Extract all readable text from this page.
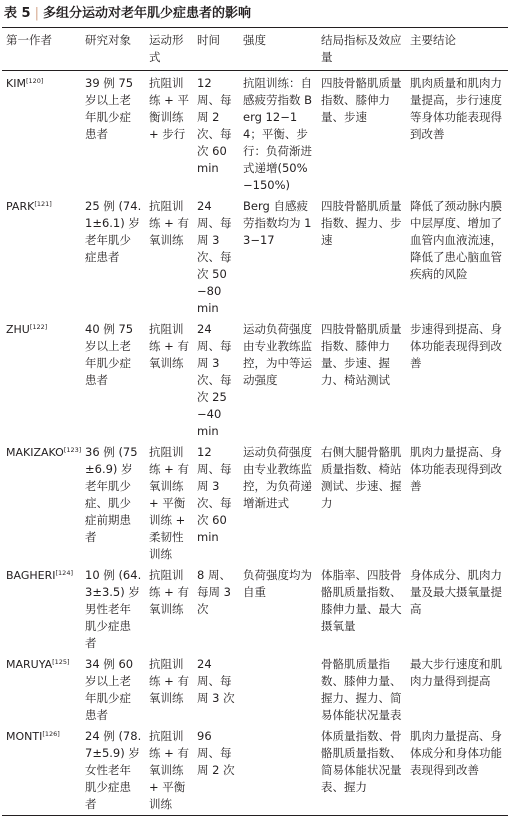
表 5 | 多组分运动对老年肌少症患者的影响
第一作者	研究对象	运动形式	时间	强度	结局指标及效应量	主要结论
KIM[120]	39 例 75 岁以上老年肌少症患者	抗阻训练 + 平衡训练 + 步行	12 周、每周 2 次、每次 60 min	抗阻训练：自感疲劳指数 Berg 12−14；平衡、步行：负荷渐进式递增(50%−150%)	四肢骨骼肌质量指数、膝伸力量、步速	肌肉质量和肌肉力量提高，步行速度等身体功能表现得到改善
PARK[121]	25 例 (74.1±6.1) 岁老年肌少症患者	抗阻训练 + 有氧训练	24 周、每周 3 次、每次 50−80 min	Berg 自感疲劳指数均为 13−17	四肢骨骼肌质量指数、握力、步速	降低了颈动脉内膜中层厚度、增加了血管内血液流速，降低了患心脑血管疾病的风险
ZHU[122]	40 例 75 岁以上老年肌少症患者	抗阻训练 + 有氧训练	24 周、每周 3 次、每次 25−40 min	运动负荷强度由专业教练监控，为中等运动强度	四肢骨骼肌质量指数、膝伸力量、步速、握力、椅站测试	步速得到提高、身体功能表现得到改善
MAKIZAKO[123]	36 例 (75±6.9) 岁老年肌少症、肌少症前期患者	抗阻训练 + 有氧训练 + 平衡训练 + 柔韧性训练	12 周、每周 3 次、每次 60 min	运动负荷强度由专业教练监控，为负荷递增渐进式	右侧大腿骨骼肌质量指数、椅站测试、步速、握力	肌肉力量提高、身体功能表现得到改善
BAGHERI[124]	10 例 (64.3±3.5) 岁男性老年肌少症患者	抗阻训练 + 有氧训练	8 周、每周 3 次	负荷强度均为自重	体脂率、四肢骨骼肌质量指数、膝伸力量、最大摄氧量	身体成分、肌肉力量及最大摄氧量提高
MARUYA[125]	34 例 60 岁以上老年肌少症患者	抗阻训练 + 有氧训练	24 周、每周 3 次		骨骼肌质量指数、膝伸力量、握力、握力、简易体能状况量表	最大步行速度和肌肉力量得到提高
MONTI[126]	24 例 (78.7±5.9) 岁女性老年肌少症患者	抗阻训练 + 有氧训练 + 平衡训练	96 周、每周 2 次		体质量指数、骨骼肌质量指数、简易体能状况量表、握力	肌肉力量提高、身体成分和身体功能表现得到改善
